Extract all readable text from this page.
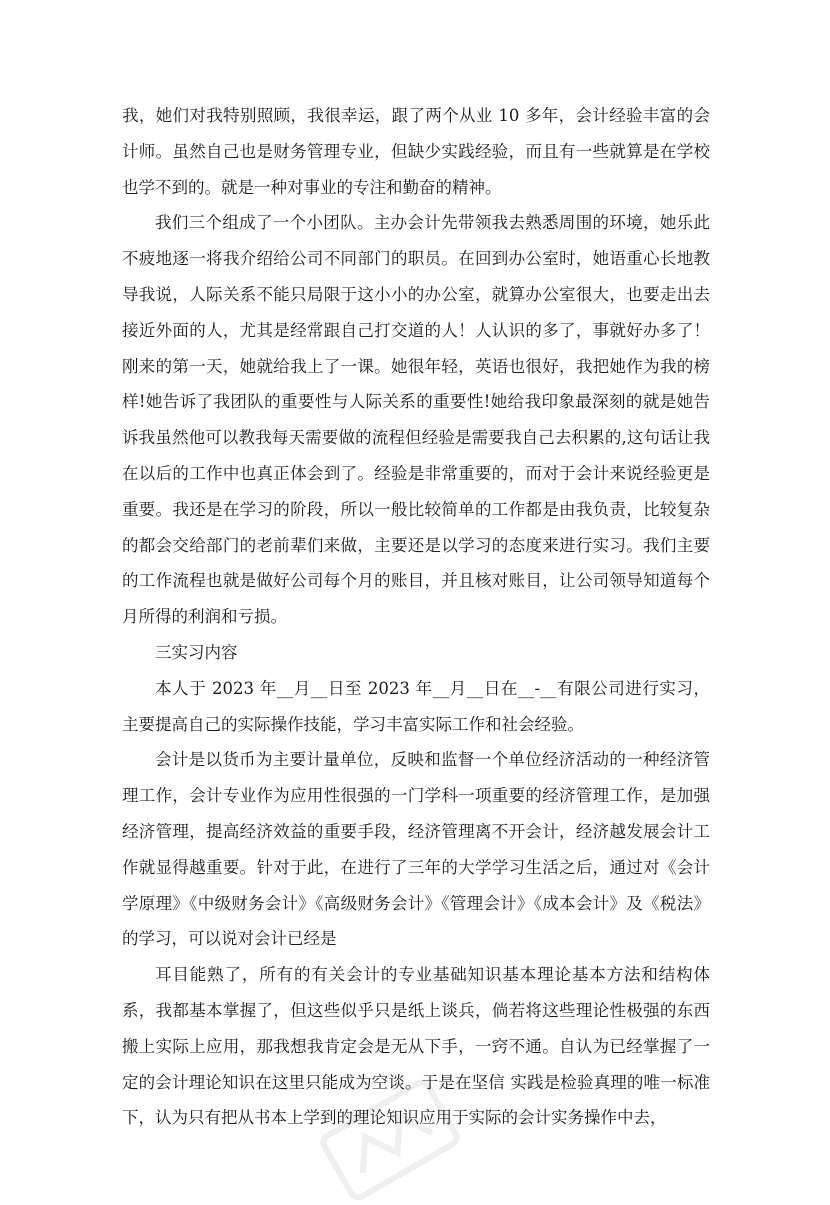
我，她们对我特别照顾，我很幸运，跟了两个从业 10 多年，会计经验丰富的会计师。虽然自己也是财务管理专业，但缺少实践经验，而且有一些就算是在学校也学不到的。就是一种对事业的专注和勤奋的精神。

我们三个组成了一个小团队。主办会计先带领我去熟悉周围的环境，她乐此不疲地逐一将我介绍给公司不同部门的职员。在回到办公室时，她语重心长地教导我说，人际关系不能只局限于这小小的办公室，就算办公室很大，也要走出去接近外面的人，尤其是经常跟自己打交道的人！人认识的多了，事就好办多了！刚来的第一天，她就给我上了一课。她很年轻，英语也很好，我把她作为我的榜样!她告诉了我团队的重要性与人际关系的重要性!她给我印象最深刻的就是她告诉我虽然他可以教我每天需要做的流程但经验是需要我自己去积累的,这句话让我在以后的工作中也真正体会到了。经验是非常重要的，而对于会计来说经验更是重要。我还是在学习的阶段，所以一般比较简单的工作都是由我负责，比较复杂的都会交给部门的老前辈们来做，主要还是以学习的态度来进行实习。我们主要的工作流程也就是做好公司每个月的账目，并且核对账目，让公司领导知道每个月所得的利润和亏损。

三实习内容

本人于 2023 年__月__日至 2023 年__月__日在__-__有限公司进行实习，主要提高自己的实际操作技能，学习丰富实际工作和社会经验。

会计是以货币为主要计量单位，反映和监督一个单位经济活动的一种经济管理工作，会计专业作为应用性很强的一门学科一项重要的经济管理工作，是加强经济管理，提高经济效益的重要手段，经济管理离不开会计，经济越发展会计工作就显得越重要。针对于此，在进行了三年的大学学习生活之后，通过对《会计学原理》《中级财务会计》《高级财务会计》《管理会计》《成本会计》及《税法》的学习，可以说对会计已经是

耳目能熟了，所有的有关会计的专业基础知识基本理论基本方法和结构体系，我都基本掌握了，但这些似乎只是纸上谈兵，倘若将这些理论性极强的东西搬上实际上应用，那我想我肯定会是无从下手，一窍不通。自认为已经掌握了一定的会计理论知识在这里只能成为空谈。于是在坚信 实践是检验真理的唯一标准 下，认为只有把从书本上学到的理论知识应用于实际的会计实务操作中去，
